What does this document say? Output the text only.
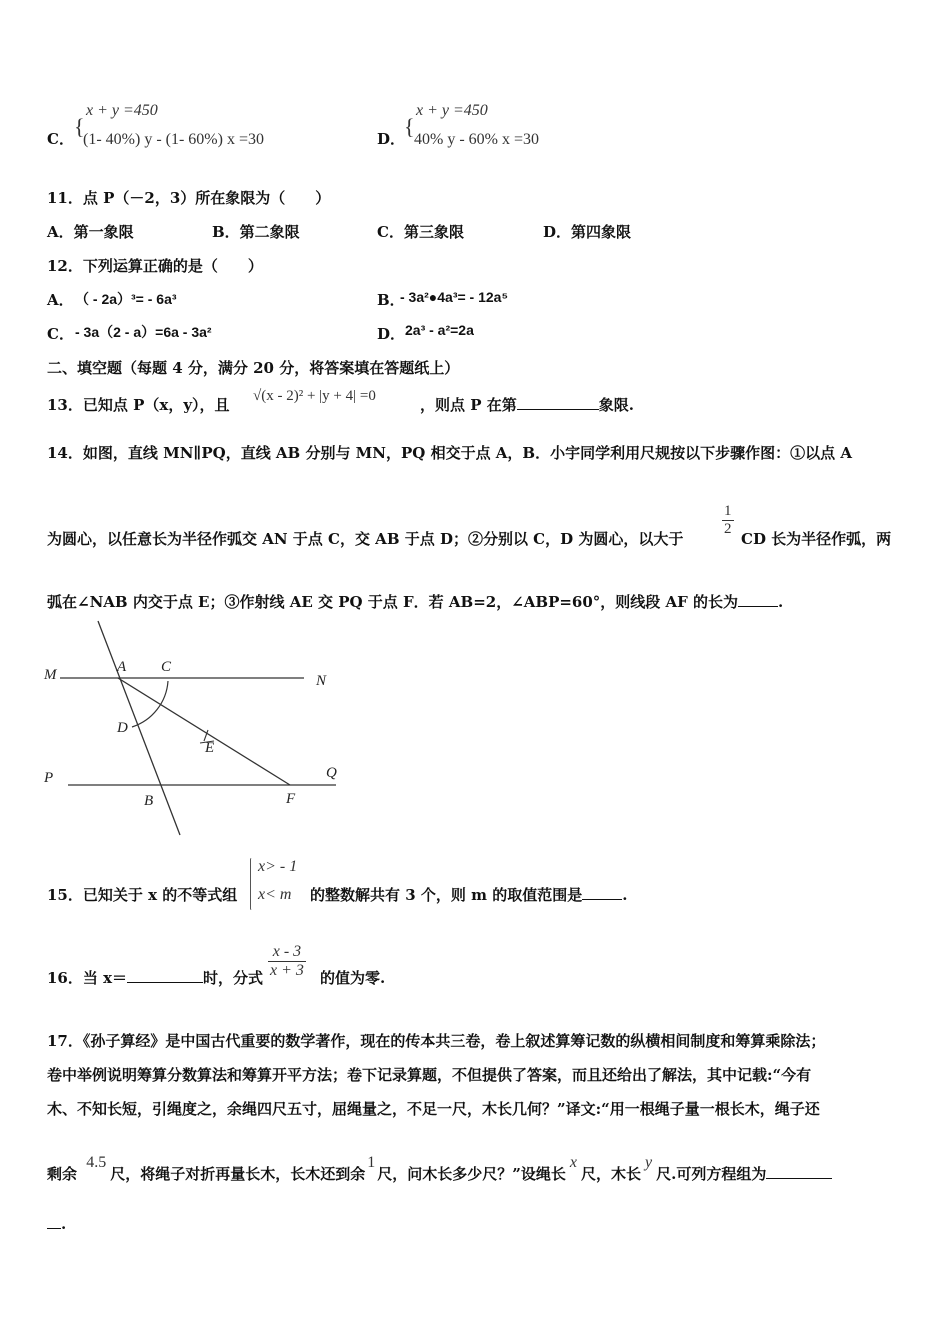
C． {
x + y =450
(1- 40%) y - (1- 60%) x =30	D．
{
x + y =450
40% y - 60% x =30
11．点 P（－2，3）所在象限为（　　）
A．第一象限	B．第二象限	C．第三象限	D．第四象限
12．下列运算正确的是（　　）
A． （ - 2a）³= - 6a³	B．
- 3a²●4a³= - 12a⁵
C． - 3a（2 - a）=6a - 3a²	D． 2a³ - a²=2a
二、填空题（每题 4 分，满分 20 分，将答案填在答题纸上）
13．已知点 P（x，y），且 √(x - 2)² + |y + 4| =0	，则点 P 在第	象限.
14．如图，直线 MN∥PQ，直线 AB 分别与 MN，PQ 相交于点 A，B．小宇同学利用尺规按以下步骤作图：①以点 A
为圆心，以任意长为半径作弧交 AN 于点 C，交 AB 于点 D；②分别以 C，D 为圆心，以大于
$\frac{1}{2}$
CD 长为半径作弧，两
弧在∠NAB 内交于点 E；③作射线 AE 交 PQ 于点 F．若 AB=2，∠ABP=60°，则线段 AF 的长为	.
M	N
P	Q
A
B
C
D
E
F
15．已知关于 x 的不等式组
x> - 1
x< m 的整数解共有 3 个，则 m 的取值范围是	.
16．当 x＝	时，分式 $\frac{x - 3}{x + 3}$ 的值为零.
17．《孙子算经》是中国古代重要的数学著作，现在的传本共三卷，卷上叙述算筹记数的纵横相间制度和筹算乘除法；
卷中举例说明筹算分数算法和筹算开平方法；卷下记录算题，不但提供了答案，而且还给出了解法，其中记载:“今有
木、不知长短，引绳度之，余绳四尺五寸，屈绳量之，不足一尺，木长几何？”译文:“用一根绳子量一根长木，绳子还
剩余 4.5尺，将绳子对折再量长木，长木还到余1尺，问木长多少尺？”设绳长x尺，木长y尺.可列方程组为
.
